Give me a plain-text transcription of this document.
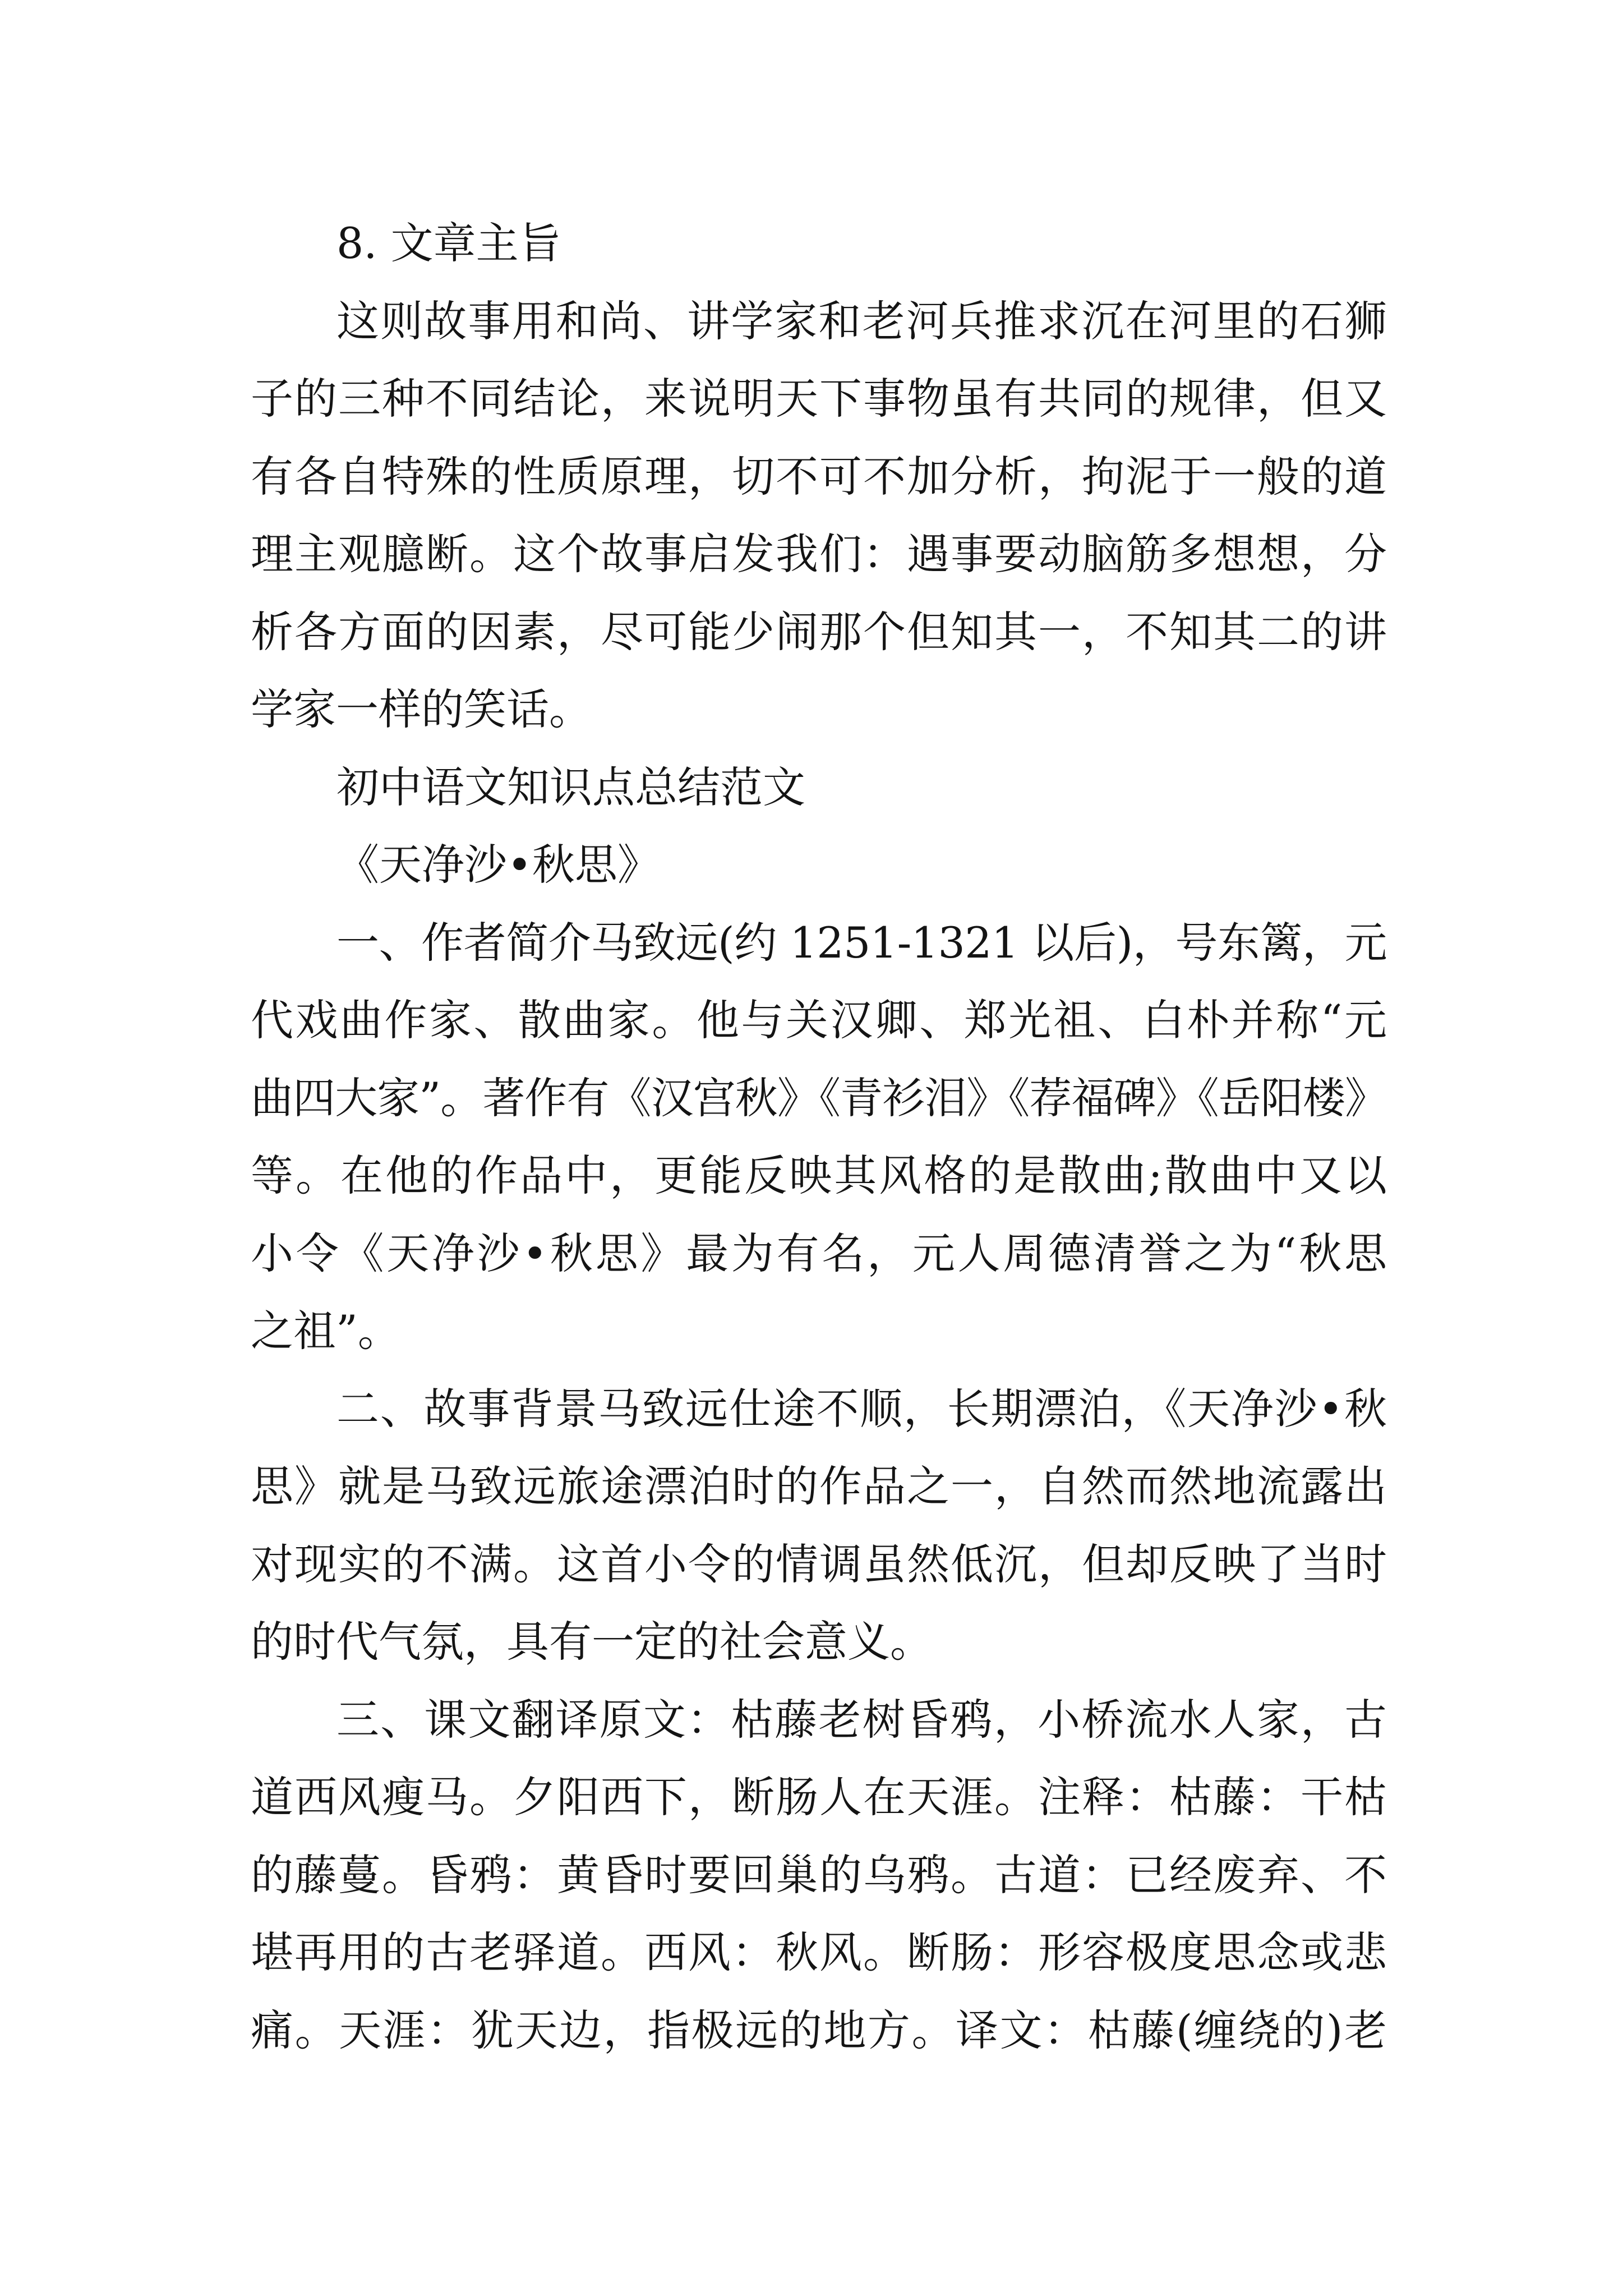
8. 文章主旨
这则故事用和尚、讲学家和老河兵推求沉在河里的石狮
子的三种不同结论，来说明天下事物虽有共同的规律，但又
有各自特殊的性质原理，切不可不加分析，拘泥于一般的道
理主观臆断。这个故事启发我们：遇事要动脑筋多想想，分
析各方面的因素，尽可能少闹那个但知其一，不知其二的讲
学家一样的笑话。
初中语文知识点总结范文
《天净沙•秋思》
一、作者简介马致远(约 1251-1321 以后)，号东篱，元
代戏曲作家、散曲家。他与关汉卿、郑光祖、白朴并称“元
曲四大家”。著作有《汉宫秋》《青衫泪》《荐福碑》《岳阳楼》
等。在他的作品中，更能反映其风格的是散曲;散曲中又以
小令《天净沙•秋思》最为有名，元人周德清誉之为“秋思
之祖”。
二、故事背景马致远仕途不顺，长期漂泊，《天净沙•秋
思》就是马致远旅途漂泊时的作品之一，自然而然地流露出
对现实的不满。这首小令的情调虽然低沉，但却反映了当时
的时代气氛，具有一定的社会意义。
三、课文翻译原文：枯藤老树昏鸦，小桥流水人家，古
道西风瘦马。夕阳西下，断肠人在天涯。注释：枯藤：干枯
的藤蔓。昏鸦：黄昏时要回巢的乌鸦。古道：已经废弃、不
堪再用的古老驿道。西风：秋风。断肠：形容极度思念或悲
痛。天涯：犹天边，指极远的地方。译文：枯藤(缠绕的)老
